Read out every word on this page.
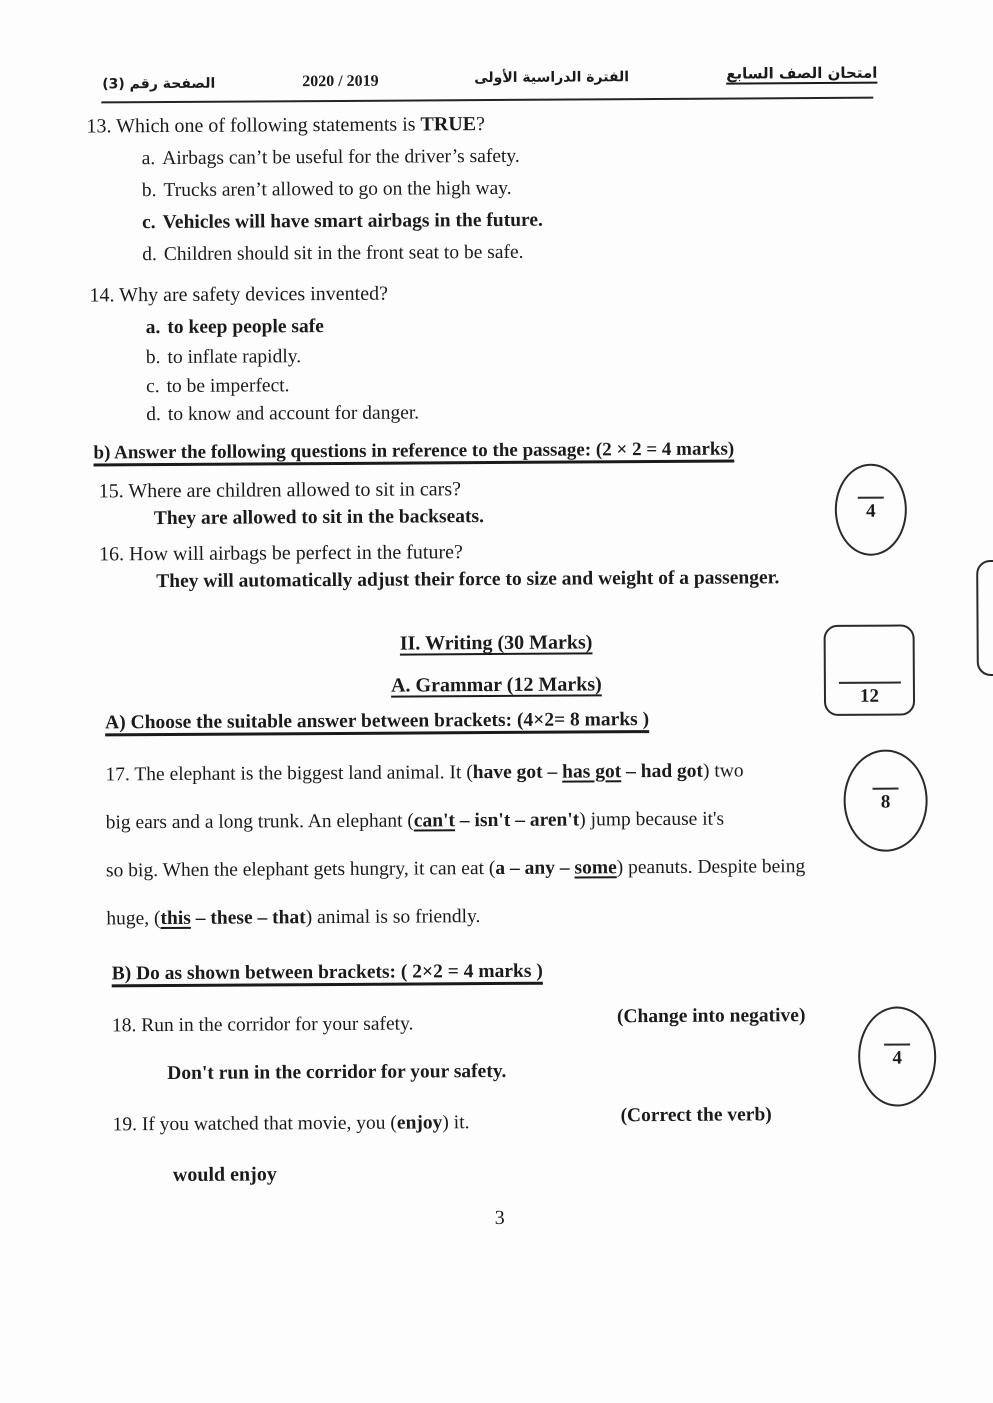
امتحان الصف السابع
الفترة الدراسية الأولى
2020 / 2019
الصفحة رقم (3)
13. Which one of following statements is TRUE?
a. Airbags can’t be useful for the driver’s safety.
b. Trucks aren’t allowed to go on the high way.
c. Vehicles will have smart airbags in the future.
d. Children should sit in the front seat to be safe.
14. Why are safety devices invented?
a. to keep people safe
b. to inflate rapidly.
c. to be imperfect.
d. to know and account for danger.
b) Answer the following questions in reference to the passage: (2 × 2 = 4 marks)
15. Where are children allowed to sit in cars?
They are allowed to sit in the backseats.
16. How will airbags be perfect in the future?
They will automatically adjust their force to size and weight of a passenger.
4
II. Writing (30 Marks)
A. Grammar (12 Marks)	12
A) Choose the suitable answer between brackets: (4×2= 8 marks )
17. The elephant is the biggest land animal. It (have got – has got – had got) two
big ears and a long trunk. An elephant (can't – isn't – aren't) jump because it's
so big. When the elephant gets hungry, it can eat (a – any – some) peanuts. Despite being
huge, (this – these – that) animal is so friendly.
8
B) Do as shown between brackets: ( 2×2 = 4 marks )
18. Run in the corridor for your safety.	(Change into negative)
Don't run in the corridor for your safety.
4
19. If you watched that movie, you (enjoy) it.	(Correct the verb)
would enjoy
3
